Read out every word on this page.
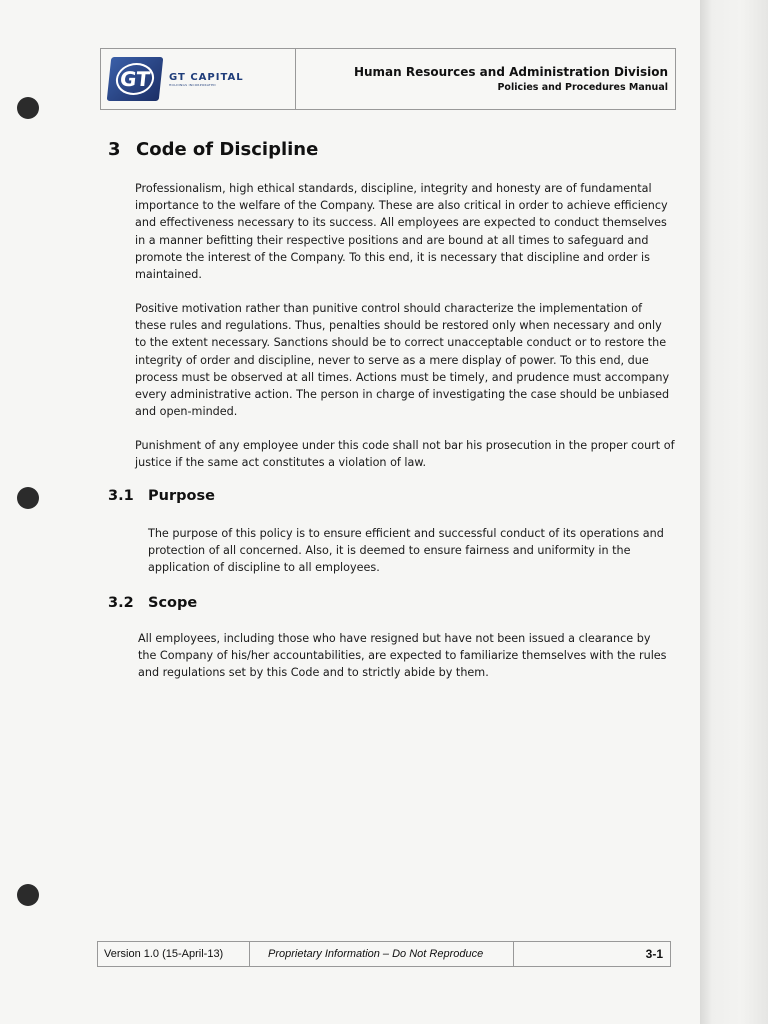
GT	GT CAPITAL
HOLDINGS INCORPORATED
Human Resources and Administration Division
Policies and Procedures Manual
3 Code of Discipline

Professionalism, high ethical standards, discipline, integrity and honesty are of fundamental importance to the welfare of the Company. These are also critical in order to achieve efficiency and effectiveness necessary to its success. All employees are expected to conduct themselves in a manner befitting their respective positions and are bound at all times to safeguard and promote the interest of the Company. To this end, it is necessary that discipline and order is maintained.

Positive motivation rather than punitive control should characterize the implementation of these rules and regulations. Thus, penalties should be restored only when necessary and only to the extent necessary. Sanctions should be to correct unacceptable conduct or to restore the integrity of order and discipline, never to serve as a mere display of power. To this end, due process must be observed at all times. Actions must be timely, and prudence must accompany every administrative action. The person in charge of investigating the case should be unbiased and open-minded.

Punishment of any employee under this code shall not bar his prosecution in the proper court of justice if the same act constitutes a violation of law.

3.1 Purpose

The purpose of this policy is to ensure efficient and successful conduct of its operations and protection of all concerned. Also, it is deemed to ensure fairness and uniformity in the application of discipline to all employees.

3.2 Scope

All employees, including those who have resigned but have not been issued a clearance by the Company of his/her accountabilities, are expected to familiarize themselves with the rules and regulations set by this Code and to strictly abide by them.

Version 1.0 (15-April-13)	Proprietary Information – Do Not Reproduce	3-1
